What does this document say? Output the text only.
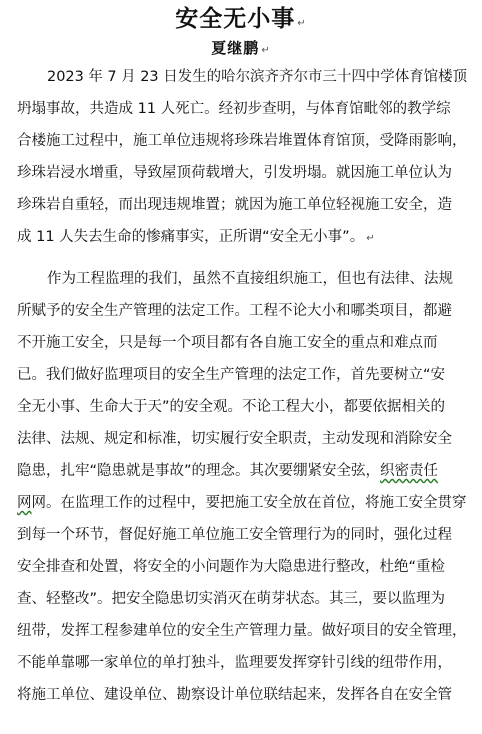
安全无小事 ↵
夏继鹏 ↵
2023 年 7 月 23 日发生的哈尔滨齐齐尔市三十四中学体育馆楼顶
坍塌事故，共造成 11 人死亡。经初步查明，与体育馆毗邻的教学综
合楼施工过程中，施工单位违规将珍珠岩堆置体育馆顶，受降雨影响，
珍珠岩浸水增重，导致屋顶荷载增大，引发坍塌。就因施工单位认为
珍珠岩自重轻，而出现违规堆置；就因为施工单位轻视施工安全，造
成 11 人失去生命的惨痛事实，正所谓“安全无小事”。 ↵
作为工程监理的我们，虽然不直接组织施工，但也有法律、法规
所赋予的安全生产管理的法定工作。工程不论大小和哪类项目，都避
不开施工安全，只是每一个项目都有各自施工安全的重点和难点而
已。我们做好监理项目的安全生产管理的法定工作，首先要树立“安
全无小事、生命大于天”的安全观。不论工程大小，都要依据相关的
法律、法规、规定和标准，切实履行安全职责，主动发现和消除安全
隐患，扎牢“隐患就是事故”的理念。其次要绷紧安全弦，织密责任
网网。在监理工作的过程中，要把施工安全放在首位，将施工安全贯穿
到每一个环节，督促好施工单位施工安全管理行为的同时，强化过程
安全排查和处置，将安全的小问题作为大隐患进行整改，杜绝“重检
查、轻整改”。把安全隐患切实消灭在萌芽状态。其三，要以监理为
纽带，发挥工程参建单位的安全生产管理力量。做好项目的安全管理，
不能单靠哪一家单位的单打独斗，监理要发挥穿针引线的纽带作用，
将施工单位、建设单位、勘察设计单位联结起来，发挥各自在安全管
